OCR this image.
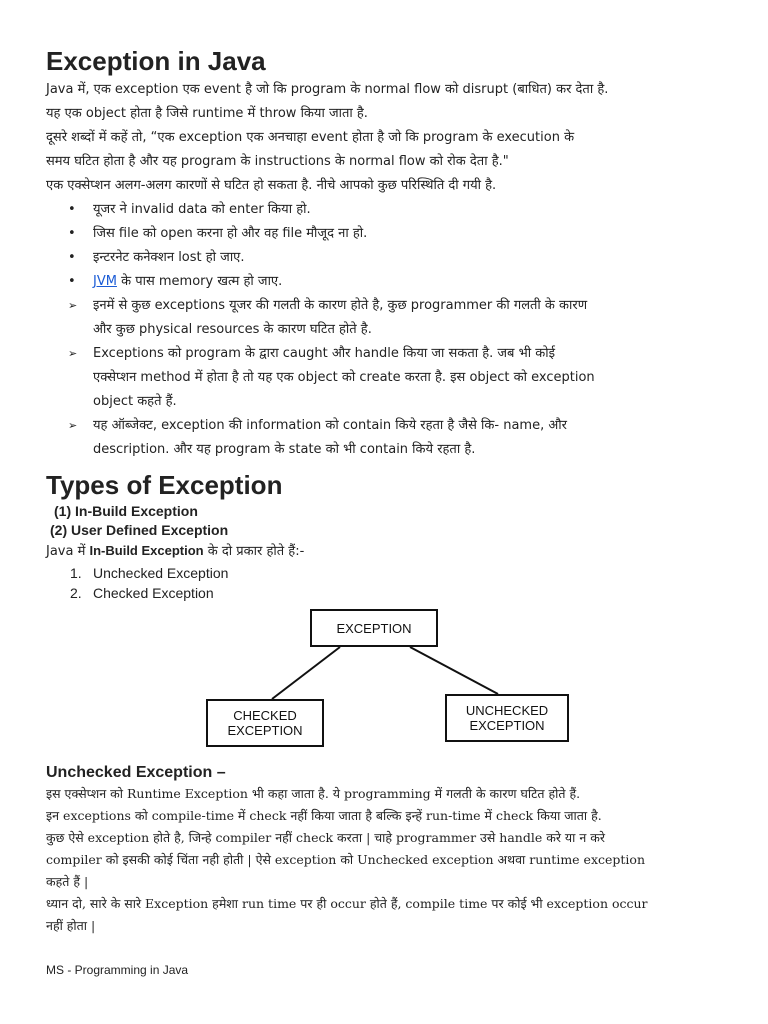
Exception in Java

Java में, एक exception एक event है जो कि program के normal flow को disrupt (बाधित) कर देता है.

यह एक object होता है जिसे runtime में throw किया जाता है.

दूसरे शब्दों में कहें तो, “एक exception एक अनचाहा event होता है जो कि program के execution के

समय घटित होता है और यह program के instructions के normal flow को रोक देता है."

एक एक्सेप्शन अलग-अलग कारणों से घटित हो सकता है. नीचे आपको कुछ परिस्थिति दी गयी है.

• यूजर ने invalid data को enter किया हो.
• जिस file को open करना हो और वह file मौजूद ना हो.
• इन्टरनेट कनेक्शन lost हो जाए.
• JVM के पास memory खत्म हो जाए.
➢ इनमें से कुछ exceptions यूजर की गलती के कारण होते है, कुछ programmer की गलती के कारण
और कुछ physical resources के कारण घटित होते है.
➢ Exceptions को program के द्वारा caught और handle किया जा सकता है. जब भी कोई
एक्सेप्शन method में होता है तो यह एक object को create करता है. इस object को exception
object कहते हैं.
➢ यह ऑब्जेक्ट, exception की information को contain किये रहता है जैसे कि- name, और
description. और यह program के state को भी contain किये रहता है.
Types of Exception
(1) In-Build Exception
(2) User Defined Exception

Java में In-Build Exception के दो प्रकार होते हैं:-

1. Unchecked Exception
2. Checked Exception
EXCEPTION
CHECKED
EXCEPTION
UNCHECKED
EXCEPTION
Unchecked Exception –

इस एक्सेप्शन को Runtime Exception भी कहा जाता है. ये programming में गलती के कारण घटित होते हैं.

इन exceptions को compile-time में check नहीं किया जाता है बल्कि इन्हें run-time में check किया जाता है.

कुछ ऐसे exception होते है, जिन्हे compiler नहीं check करता | चाहे programmer उसे handle करे या न करे

compiler को इसकी कोई चिंता नही होती | ऐसे exception को Unchecked exception अथवा runtime exception

कहते हैं |

ध्यान दो, सारे के सारे Exception हमेशा run time पर ही occur होते हैं, compile time पर कोई भी exception occur

नहीं होता |

MS - Programming in Java
